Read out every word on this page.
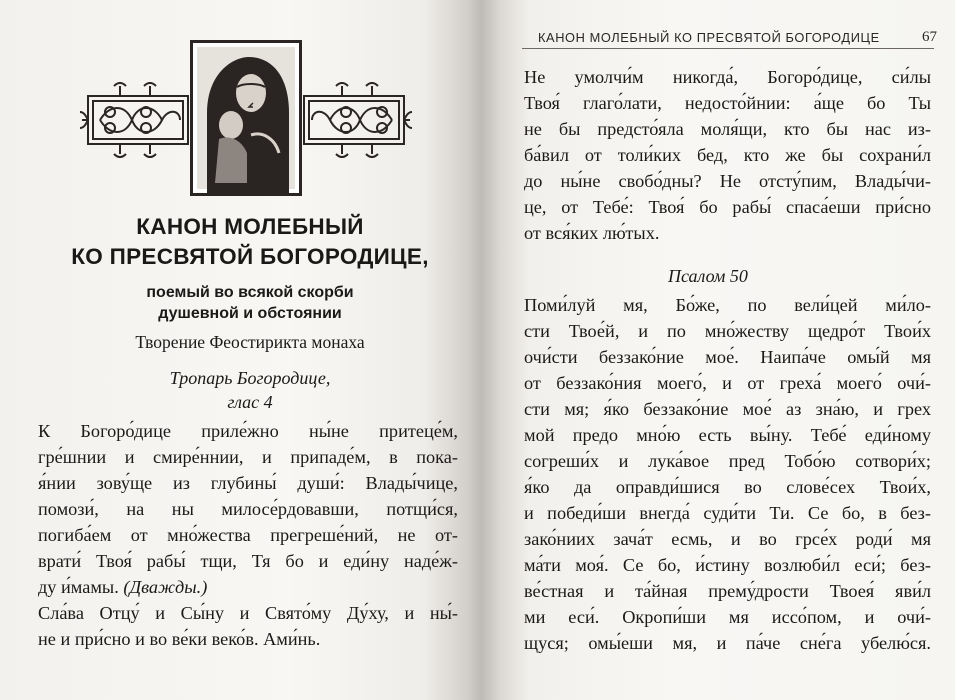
КАНОН МОЛЕБНЫЙ
КО ПРЕСВЯТОЙ БОГОРОДИЦЕ,
поемый во всякой скорби
душевной и обстоянии
Творение Феостирикта монаха
Тропарь Богородице,
глас 4
К Богоро́дице приле́жно ны́не притеце́м,
гре́шнии и смире́ннии, и припаде́м, в пока-
я́нии зову́ще из глубины́ души́: Влады́чице,
помози́, на ны милосе́рдовавши, потщи́ся,
погиба́ем от мно́жества прегреше́ний, не от-
врати́ Твоя́ рабы́ тщи, Тя бо и еди́ну наде́ж-
ду и́мамы. (Дважды.)
Сла́ва Отцу́ и Сы́ну и Свято́му Ду́ху, и ны́-
не и при́сно и во ве́ки веко́в. Ами́нь.
КАНОН МОЛЕБНЫЙ КО ПРЕСВЯТОЙ БОГОРОДИЦЕ	67
Не умолчи́м никогда́, Богоро́дице, си́лы
Твоя́ глаго́лати, недосто́йнии: а́ще бо Ты
не бы предсто́яла моля́щи, кто бы нас из-
ба́вил от толи́ких бед, кто же бы сохрани́л
до ны́не свобо́дны? Не отсту́пим, Влады́чи-
це, от Тебе́: Твоя́ бо рабы́ спаса́еши при́сно
от вся́ких лю́тых.
Псалом 50
Поми́луй мя, Бо́же, по вели́цей ми́ло-
сти Твое́й, и по мно́жеству щедро́т Твои́х
очи́сти беззако́ние мое́. Наипа́че омы́й мя
от беззако́ния моего́, и от греха́ моего́ очи́-
сти мя; я́ко беззако́ние мое́ аз зна́ю, и грех
мой предо мно́ю есть вы́ну. Тебе́ еди́ному
согреши́х и лука́вое пред Тобо́ю сотвори́х;
я́ко да оправди́шися во слове́сех Твои́х,
и победи́ши внегда́ суди́ти Ти. Се бо, в без-
зако́ниих зача́т есмь, и во грсе́х роди́ мя
ма́ти моя́. Се бо, и́стину возлюби́л еси́; без-
ве́стная и та́йная прему́дрости Твоея́ яви́л
ми еси́. Окропи́ши мя иссо́пом, и очи́-
щуся; омы́еши мя, и па́че сне́га убелю́ся.
